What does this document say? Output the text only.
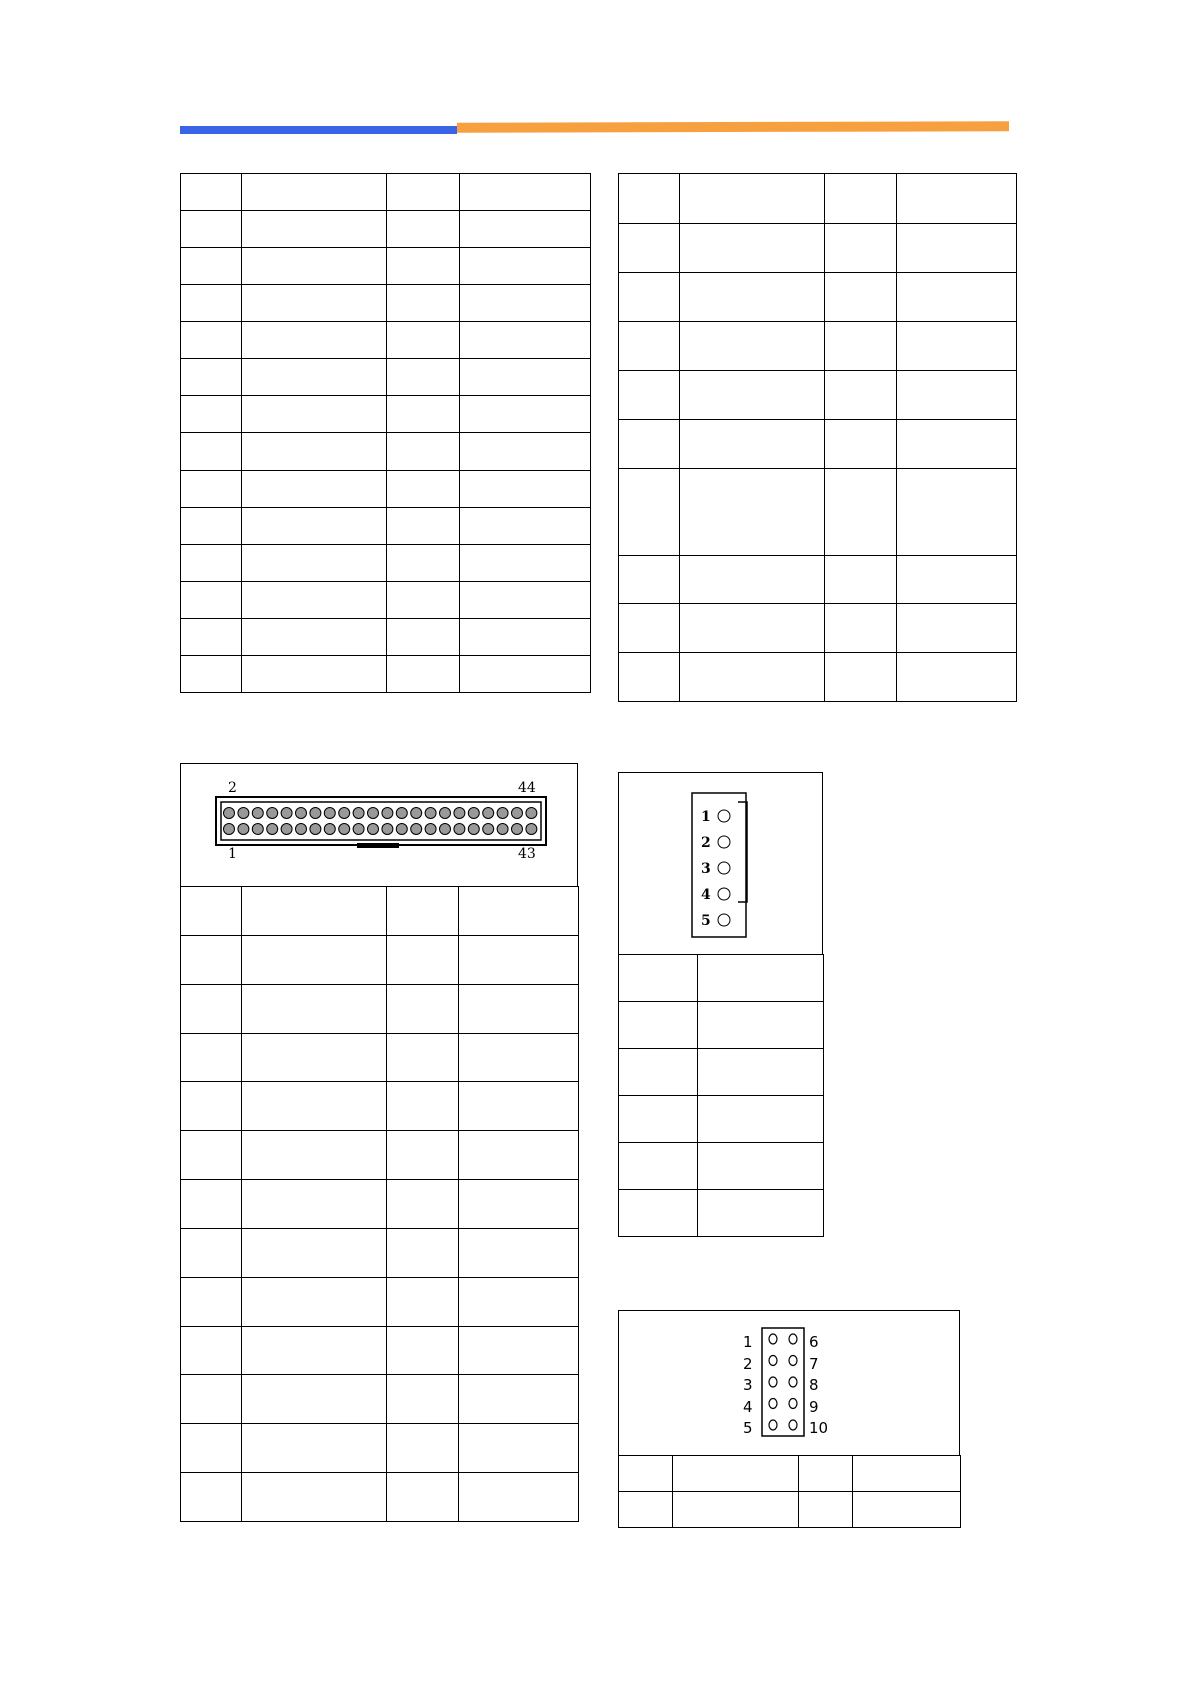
2	44
1	43

1
2
3
4
5

1
2
3
4
5
6
7
8
9
10
